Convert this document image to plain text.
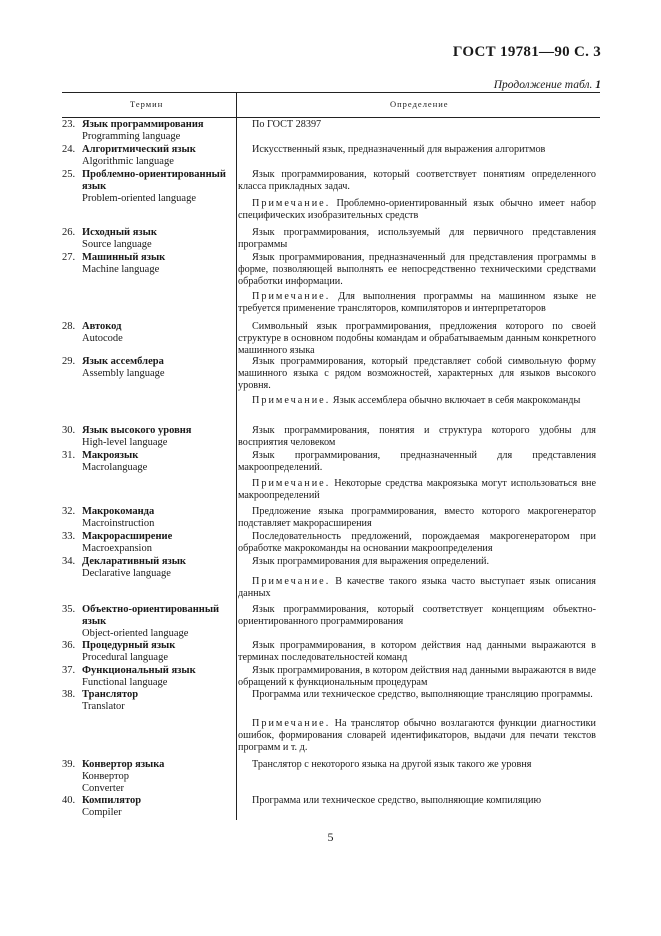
ГОСТ 19781—90 С. 3
Продолжение табл. 1
Термин	Определение
23. Язык программирования
Programming language
По ГОСТ 28397
24. Алгоритмический язык
Algorithmic language
Искусственный язык, предназначенный для выражения алгоритмов
25. Проблемно-ориентированный язык
Problem-oriented language
Язык программирования, который соответствует понятиям определенного класса прикладных задач.
Примечание. Проблемно-ориентированный язык обычно имеет набор специфических изобразительных средств
26. Исходный язык
Source language
Язык программирования, используемый для первичного представления программы
27. Машинный язык
Machine language
Язык программирования, предназначенный для представления программы в форме, позволяющей выполнять ее непосредственно техническими средствами обработки информации.
Примечание. Для выполнения программы на машинном языке не требуется применение трансляторов, компиляторов и интерпретаторов
28. Автокод
Autocode
Символьный язык программирования, предложения которого по своей структуре в основном подобны командам и обрабатываемым данным конкретного машинного языка
29. Язык ассемблера
Assembly language
Язык программирования, который представляет собой символьную форму машинного языка с рядом возможностей, характерных для языков высокого уровня.
Примечание. Язык ассемблера обычно включает в себя макрокоманды
30. Язык высокого уровня
High-level language
Язык программирования, понятия и структура которого удобны для восприятия человеком
31. Макроязык
Macrolanguage
Язык программирования, предназначенный для представления макроопределений.
Примечание. Некоторые средства макроязыка могут использоваться вне макроопределений
32. Макрокоманда
Macroinstruction
Предложение языка программирования, вместо которого макрогенератор подставляет макрорасширения
33. Макрорасширение
Macroexpansion
Последовательность предложений, порождаемая макрогенератором при обработке макрокоманды на основании макроопределения
34. Декларативный язык
Declarative language
Язык программирования для выражения определений.
Примечание. В качестве такого языка часто выступает язык описания данных
35. Объектно-ориентированный язык
Object-oriented language
Язык программирования, который соответствует концепциям объектно-ориентированного программирования
36. Процедурный язык
Procedural language
Язык программирования, в котором действия над данными выражаются в терминах последовательностей команд
37. Функциональный язык
Functional language
Язык программирования, в котором действия над данными выражаются в виде обращений к функциональным процедурам
38. Транслятор
Translator
Программа или техническое средство, выполняющие трансляцию программы.
Примечание. На транслятор обычно возлагаются функции диагностики ошибок, формирования словарей идентификаторов, выдачи для печати текстов программ и т. д.
39. Конвертор языка
Конвертор
Converter
Транслятор с некоторого языка на другой язык такого же уровня
40. Компилятор
Compiler
Программа или техническое средство, выполняющие компиляцию
5
